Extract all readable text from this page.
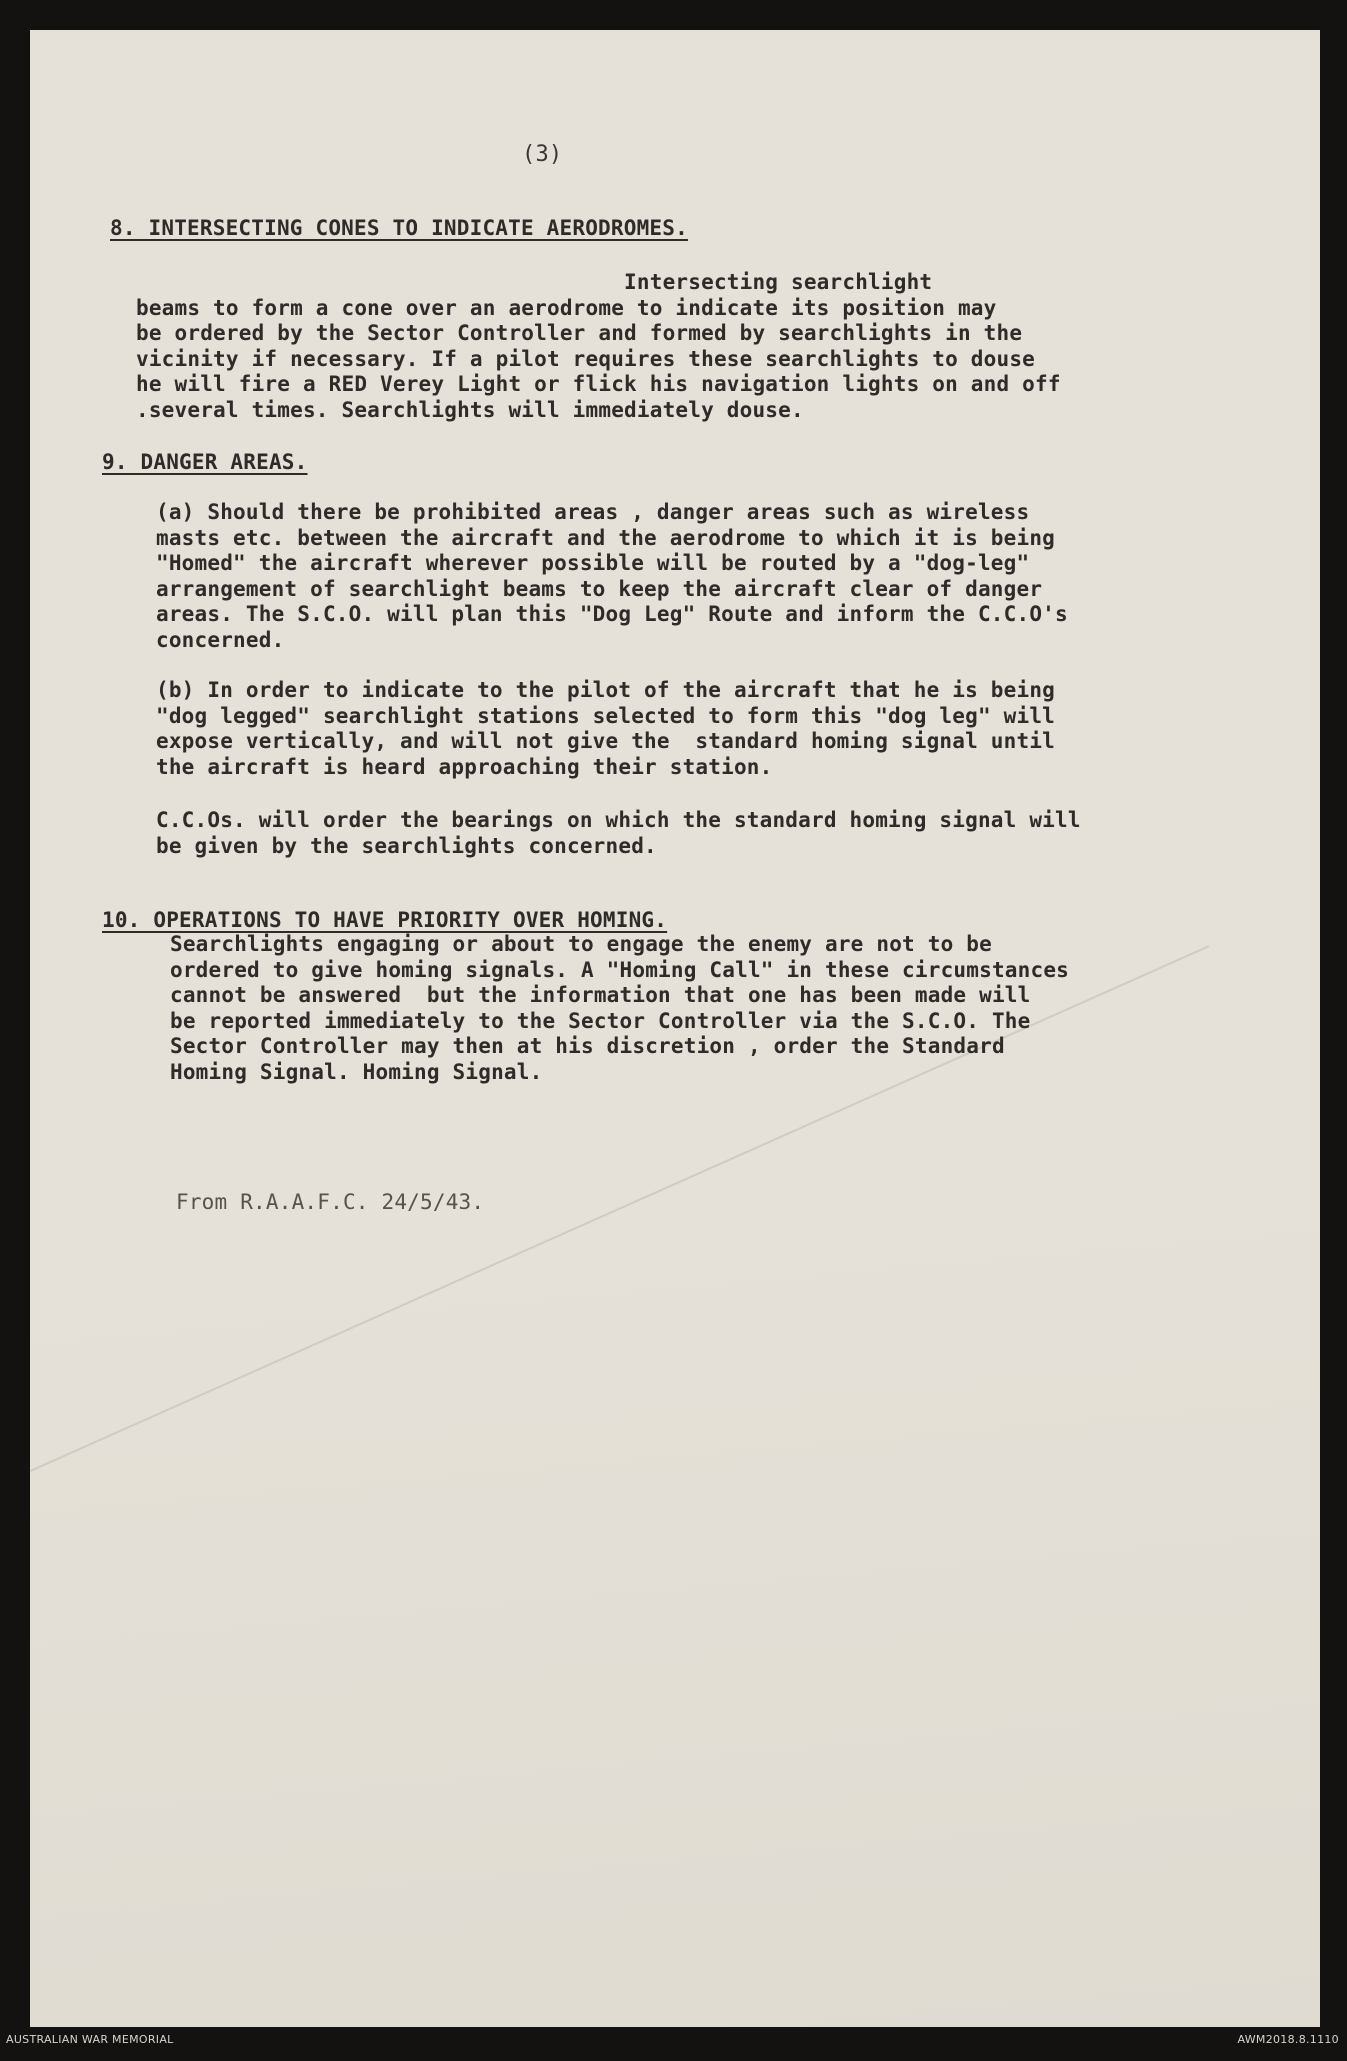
(3)
8. INTERSECTING CONES TO INDICATE AERODROMES.

Intersecting searchlight

beams to form a cone over an aerodrome to indicate its position may

be ordered by the Sector Controller and formed by searchlights in the

vicinity if necessary. If a pilot requires these searchlights to douse

he will fire a RED Verey Light or flick his navigation lights on and off

.several times. Searchlights will immediately douse.

9. DANGER AREAS.

(a) Should there be prohibited areas , danger areas such as wireless

masts etc. between the aircraft and the aerodrome to which it is being

"Homed" the aircraft wherever possible will be routed by a "dog-leg"

arrangement of searchlight beams to keep the aircraft clear of danger

areas. The S.C.O. will plan this "Dog Leg" Route and inform the C.C.O's

concerned.

(b) In order to indicate to the pilot of the aircraft that he is being

"dog legged" searchlight stations selected to form this "dog leg" will

expose vertically, and will not give the  standard homing signal until

the aircraft is heard approaching their station.

C.C.Os. will order the bearings on which the standard homing signal will

be given by the searchlights concerned.

10. OPERATIONS TO HAVE PRIORITY OVER HOMING.

Searchlights engaging or about to engage the enemy are not to be

ordered to give homing signals. A "Homing Call" in these circumstances

cannot be answered  but the information that one has been made will

be reported immediately to the Sector Controller via the S.C.O. The

Sector Controller may then at his discretion , order the Standard

Homing Signal. Homing Signal.

From R.A.A.F.C. 24/5/43.
AUSTRALIAN WAR MEMORIAL	AWM2018.8.1110
